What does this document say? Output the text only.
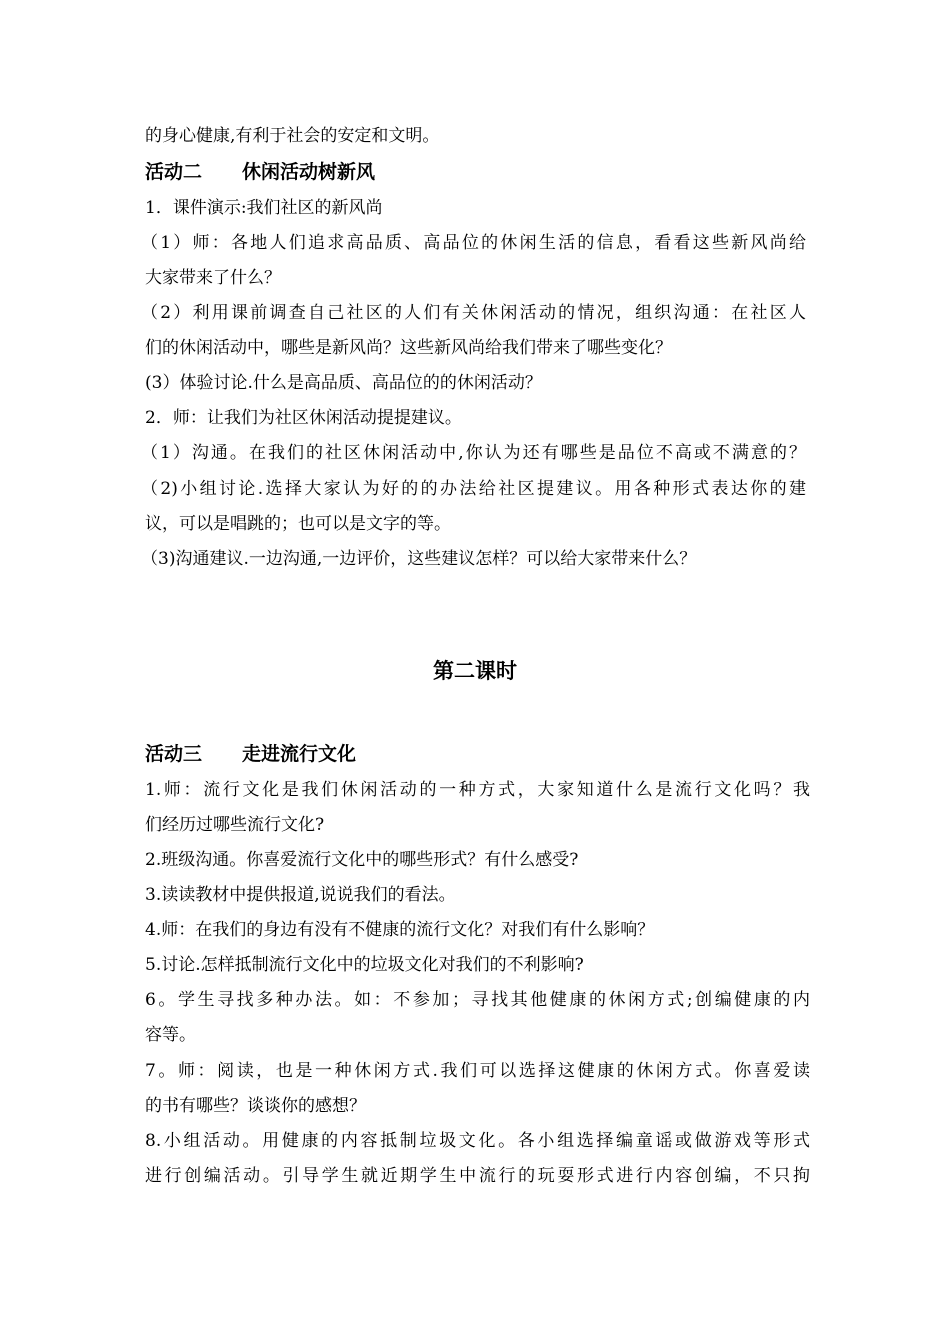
的身心健康,有利于社会的安定和文明。
活动二 休闲活动树新风
1．课件演示:我们社区的新风尚
（1）师：各地人们追求高品质、高品位的休闲生活的信息，看看这些新风尚给
大家带来了什么？
（2）利用课前调查自己社区的人们有关休闲活动的情况，组织沟通：在社区人
们的休闲活动中，哪些是新风尚？这些新风尚给我们带来了哪些变化？
(3）体验讨论.什么是高品质、高品位的的休闲活动？
2．师：让我们为社区休闲活动提提建议。
（1）沟通。在我们的社区休闲活动中,你认为还有哪些是品位不高或不满意的？
（2)小组讨论.选择大家认为好的的办法给社区提建议。用各种形式表达你的建
议，可以是唱跳的；也可以是文字的等。
（3)沟通建议.一边沟通,一边评价，这些建议怎样？可以给大家带来什么？
第二课时
活动三 走进流行文化
1.师：流行文化是我们休闲活动的一种方式，大家知道什么是流行文化吗？我
们经历过哪些流行文化?
2.班级沟通。你喜爱流行文化中的哪些形式？有什么感受?
3.读读教材中提供报道,说说我们的看法。
4.师：在我们的身边有没有不健康的流行文化？对我们有什么影响？
5.讨论.怎样抵制流行文化中的垃圾文化对我们的不利影响?
6。学生寻找多种办法。如：不参加；寻找其他健康的休闲方式;创编健康的内
容等。
7。师：阅读，也是一种休闲方式.我们可以选择这健康的休闲方式。你喜爱读
的书有哪些？谈谈你的感想？
8.小组活动。用健康的内容抵制垃圾文化。各小组选择编童谣或做游戏等形式
进行创编活动。引导学生就近期学生中流行的玩耍形式进行内容创编，不只拘
